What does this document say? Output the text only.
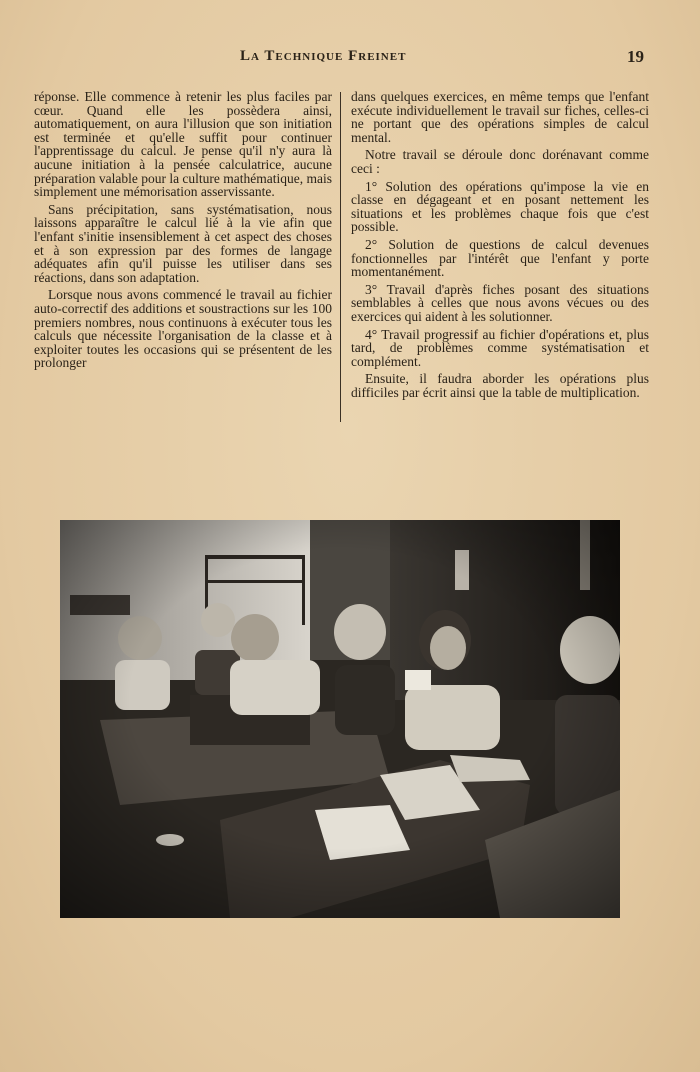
La Technique Freinet	19

réponse. Elle commence à retenir les plus faciles par cœur. Quand elle les possèdera ainsi, automatiquement, on aura l'illusion que son initiation est terminée et qu'elle suffit pour continuer l'apprentissage du calcul. Je pense qu'il n'y aura là aucune initiation à la pensée calculatrice, aucune préparation valable pour la culture mathématique, mais simplement une mémorisation asservissante.

Sans précipitation, sans systématisation, nous laissons apparaître le calcul lié à la vie afin que l'enfant s'initie insensiblement à cet aspect des choses et à son expression par des formes de langage adéquates afin qu'il puisse les utiliser dans ses réactions, dans son adaptation.

Lorsque nous avons commencé le travail au fichier auto-correctif des additions et soustractions sur les 100 premiers nombres, nous continuons à exécuter tous les calculs que nécessite l'organisation de la classe et à exploiter toutes les occasions qui se présentent de les prolonger

dans quelques exercices, en même temps que l'enfant exécute individuellement le travail sur fiches, celles-ci ne portant que des opérations simples de calcul mental.

Notre travail se déroule donc dorénavant comme ceci :

1° Solution des opérations qu'impose la vie en classe en dégageant et en posant nettement les situations et les problèmes chaque fois que c'est possible.

2° Solution de questions de calcul devenues fonctionnelles par l'intérêt que l'enfant y porte momentanément.

3° Travail d'après fiches posant des situations semblables à celles que nous avons vécues ou des exercices qui aident à les solutionner.

4° Travail progressif au fichier d'opérations et, plus tard, de problèmes comme systématisation et complément.

Ensuite, il faudra aborder les opérations plus difficiles par écrit ainsi que la table de multiplication.
